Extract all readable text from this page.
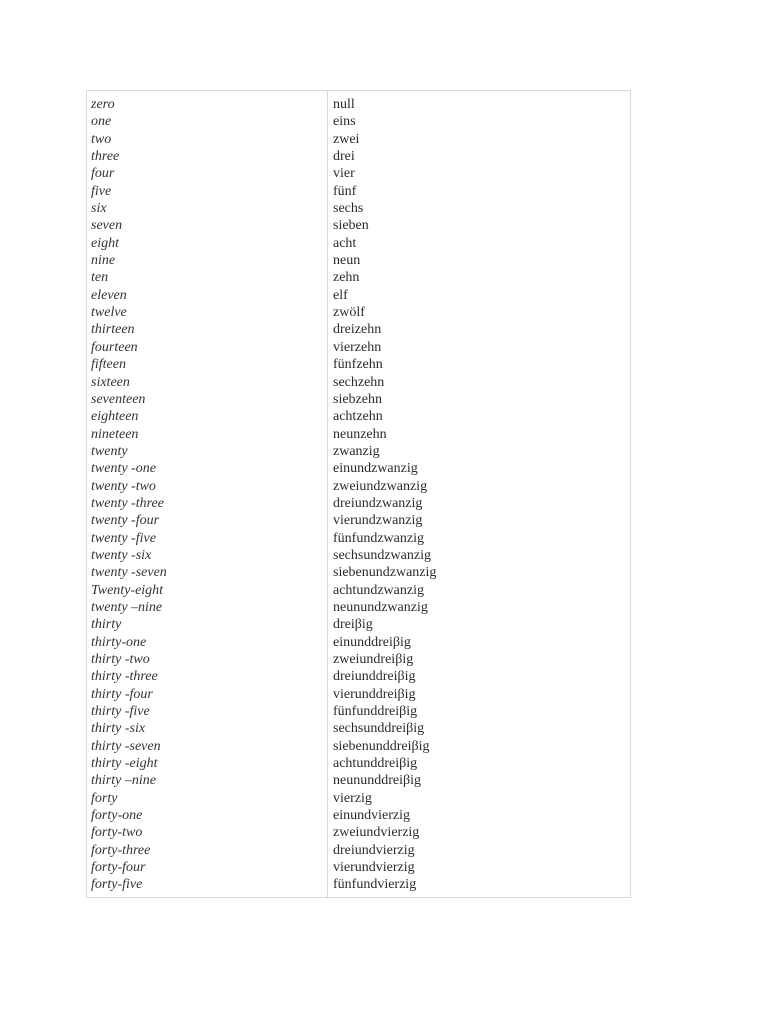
zero	null
one	eins
two	zwei
three	drei
four	vier
five	fünf
six	sechs
seven	sieben
eight	acht
nine	neun
ten	zehn
eleven	elf
twelve	zwölf
thirteen	dreizehn
fourteen	vierzehn
fifteen	fünfzehn
sixteen	sechzehn
seventeen	siebzehn
eighteen	achtzehn
nineteen	neunzehn
twenty	zwanzig
twenty -one	einundzwanzig
twenty -two	zweiundzwanzig
twenty -three	dreiundzwanzig
twenty -four	vierundzwanzig
twenty -five	fünfundzwanzig
twenty -six	sechsundzwanzig
twenty -seven	siebenundzwanzig
Twenty-eight	achtundzwanzig
twenty –nine	neunundzwanzig
thirty	dreiβig
thirty-one	einunddreiβig
thirty -two	zweiundreiβig
thirty -three	dreiunddreiβig
thirty -four	vierunddreiβig
thirty -five	fünfunddreiβig
thirty -six	sechsunddreiβig
thirty -seven	siebenunddreiβig
thirty -eight	achtunddreiβig
thirty –nine	neununddreiβig
forty	vierzig
forty-one	einundvierzig
forty-two	zweiundvierzig
forty-three	dreiundvierzig
forty-four	vierundvierzig
forty-five	fünfundvierzig
